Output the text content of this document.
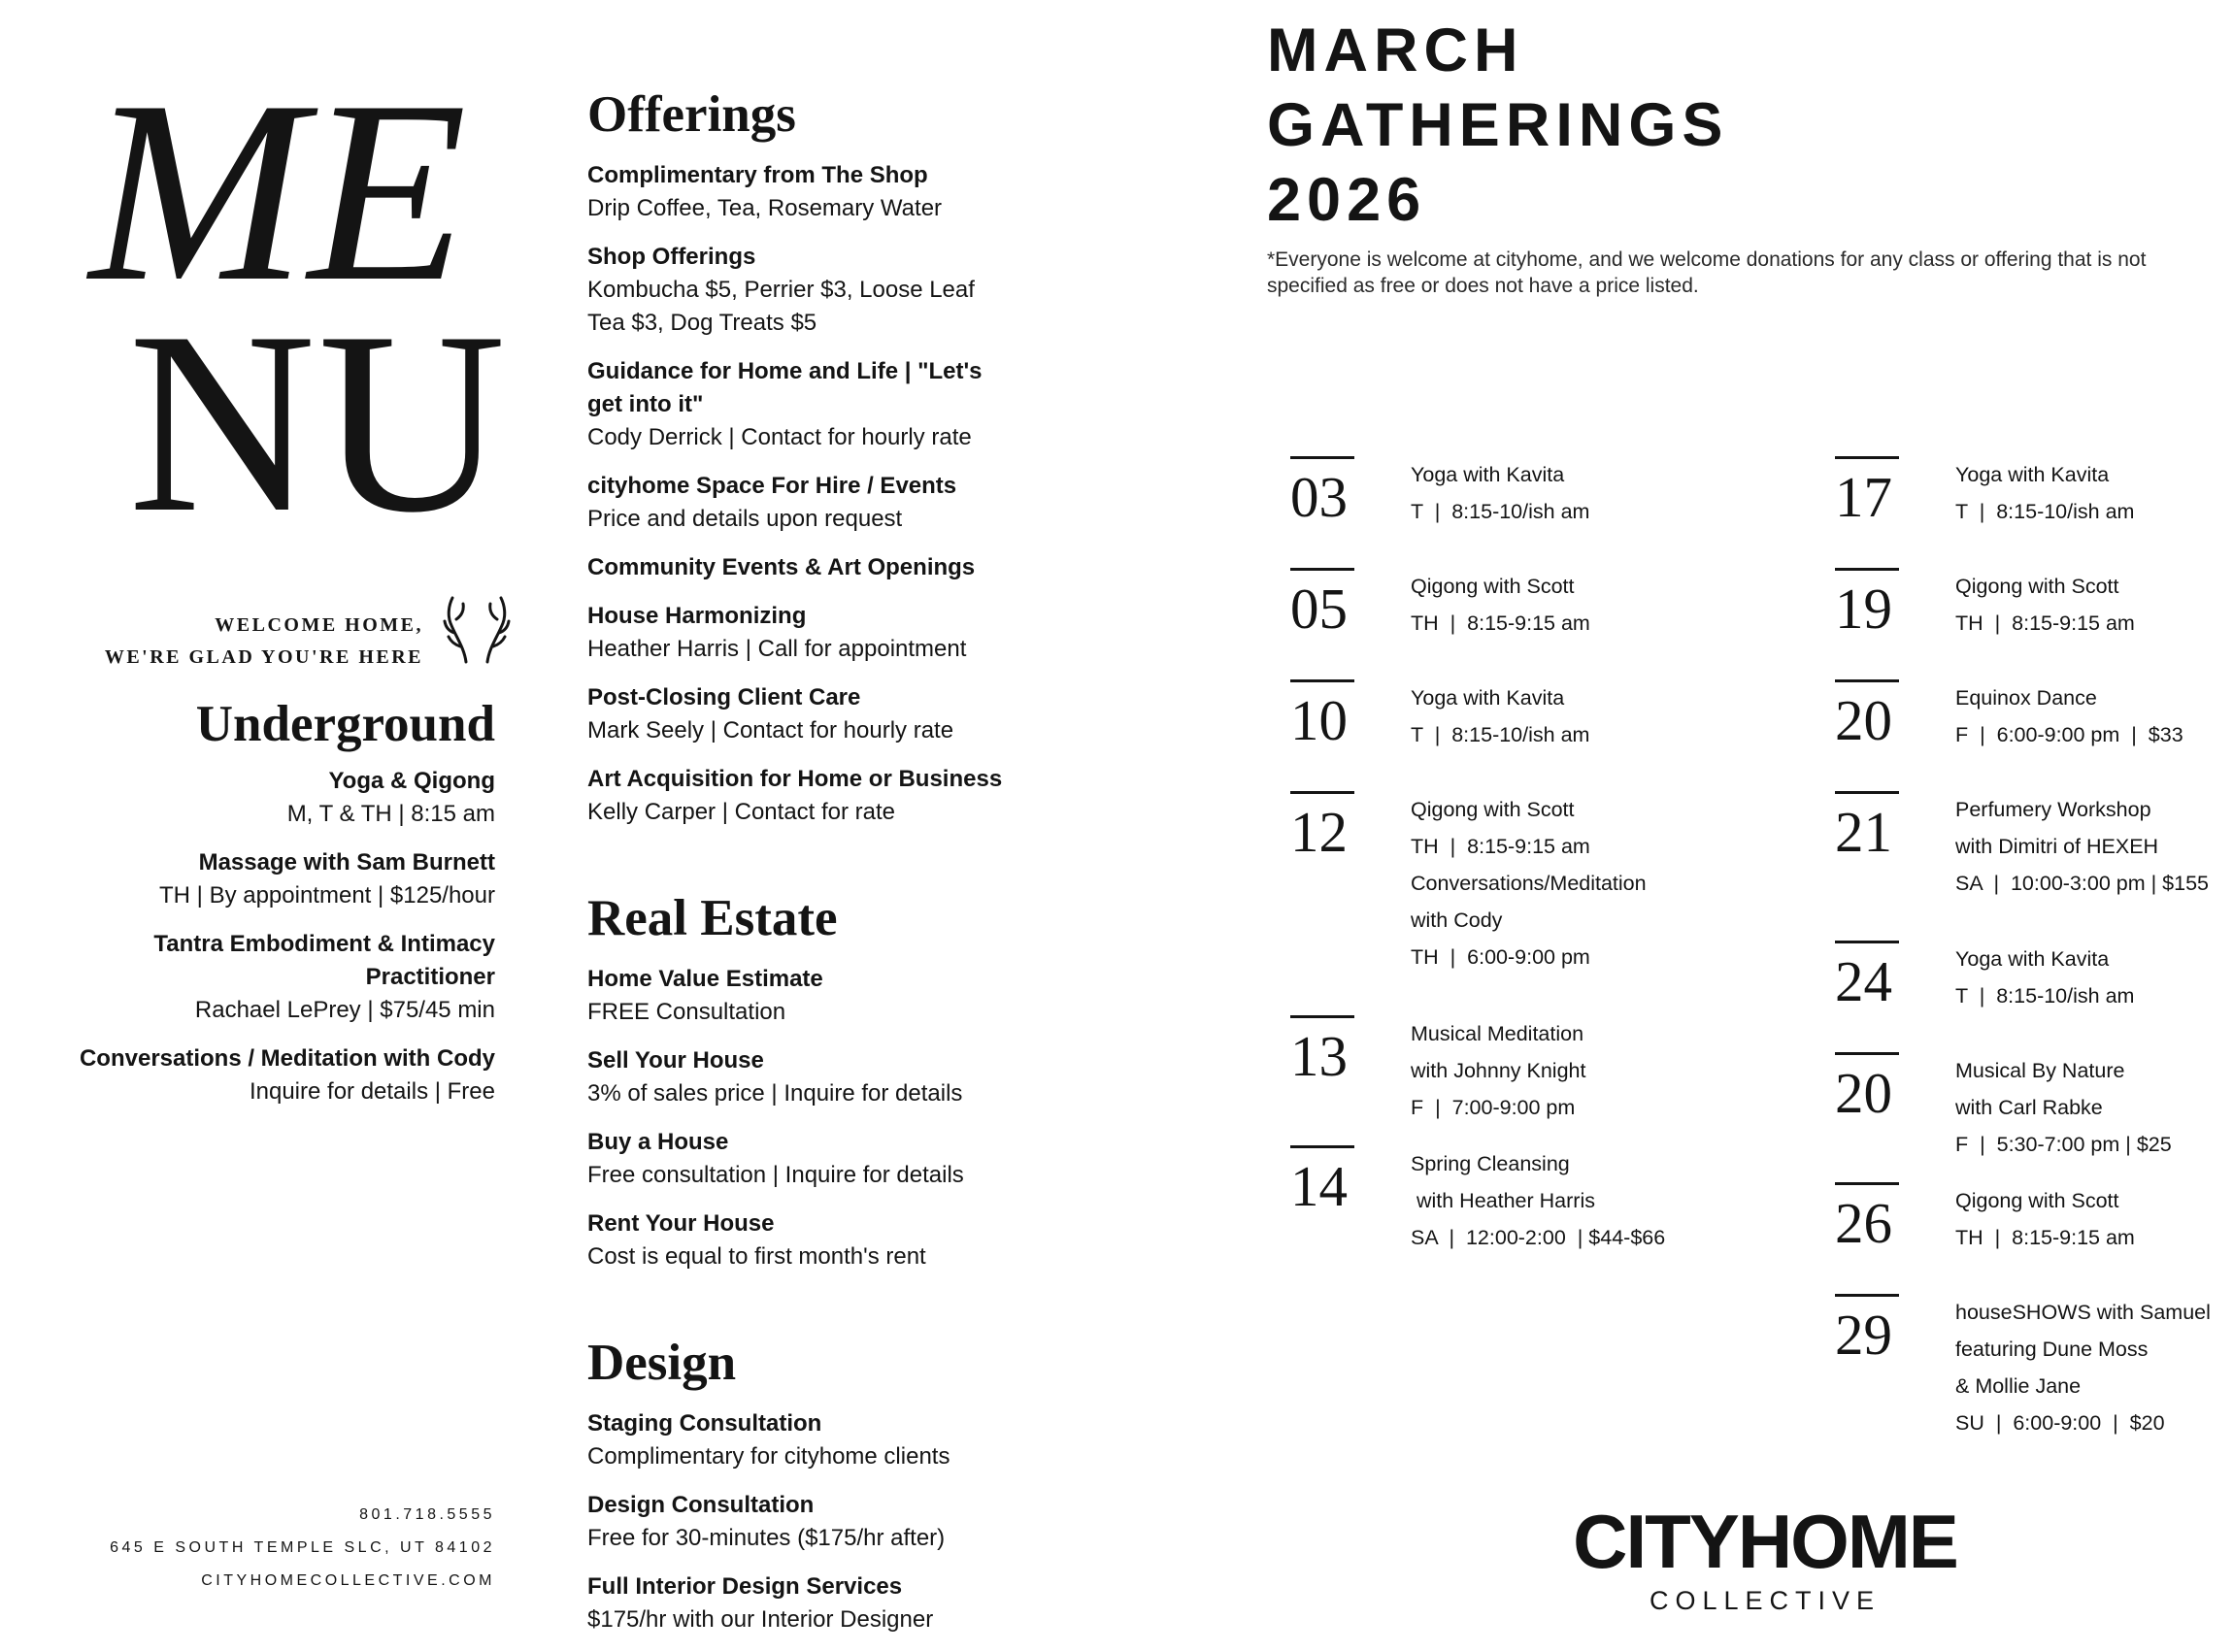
ME
NU
WELCOME HOME,
WE'RE GLAD YOU'RE HERE
Underground
Yoga & Qigong
M, T & TH | 8:15 am
Massage with Sam Burnett
TH | By appointment | $125/hour
Tantra Embodiment & Intimacy Practitioner
Rachael LePrey | $75/45 min
Conversations / Meditation with Cody
Inquire for details | Free
801.718.5555
645 E SOUTH TEMPLE SLC, UT 84102
CITYHOMECOLLECTIVE.COM
Offerings
Complimentary from The Shop
Drip Coffee, Tea, Rosemary Water
Shop Offerings
Kombucha $5, Perrier $3, Loose Leaf Tea $3, Dog Treats $5
Guidance for Home and Life | "Let's get into it"
Cody Derrick | Contact for hourly rate
cityhome Space For Hire / Events
Price and details upon request
Community Events & Art Openings
House Harmonizing
Heather Harris | Call for appointment
Post-Closing Client Care
Mark Seely | Contact for hourly rate
Art Acquisition for Home or Business
Kelly Carper | Contact for rate
Real Estate
Home Value Estimate
FREE Consultation
Sell Your House
3% of sales price | Inquire for details
Buy a House
Free consultation | Inquire for details
Rent Your House
Cost is equal to first month's rent
Design
Staging Consultation
Complimentary for cityhome clients
Design Consultation
Free for 30-minutes ($175/hr after)
Full Interior Design Services
$175/hr with our Interior Designer
MARCH
GATHERINGS
2026
*Everyone is welcome at cityhome, and we welcome donations for any class or offering that is not specified as free or does not have a price listed.
03	Yoga with Kavita
T  |  8:15-10/ish am
05	Qigong with Scott
TH  |  8:15-9:15 am
10	Yoga with Kavita
T  |  8:15-10/ish am
12	Qigong with Scott
TH  |  8:15-9:15 am
Conversations/Meditation
with Cody
TH  |  6:00-9:00 pm
13	Musical Meditation
with Johnny Knight
F  |  7:00-9:00 pm
14	Spring Cleansing
with Heather Harris
SA  |  12:00-2:00  | $44-$66
17	Yoga with Kavita
T  |  8:15-10/ish am
19	Qigong with Scott
TH  |  8:15-9:15 am
20	Equinox Dance
F  |  6:00-9:00 pm  |  $33
21	Perfumery Workshop
with Dimitri of HEXEH
SA  |  10:00-3:00 pm | $155
24	Yoga with Kavita
T  |  8:15-10/ish am
20	Musical By Nature
with Carl Rabke
F  |  5:30-7:00 pm | $25
26	Qigong with Scott
TH  |  8:15-9:15 am
29	houseSHOWS with Samuel
featuring Dune Moss
& Mollie Jane
SU  |  6:00-9:00  |  $20
CITYHOME
COLLECTIVE
